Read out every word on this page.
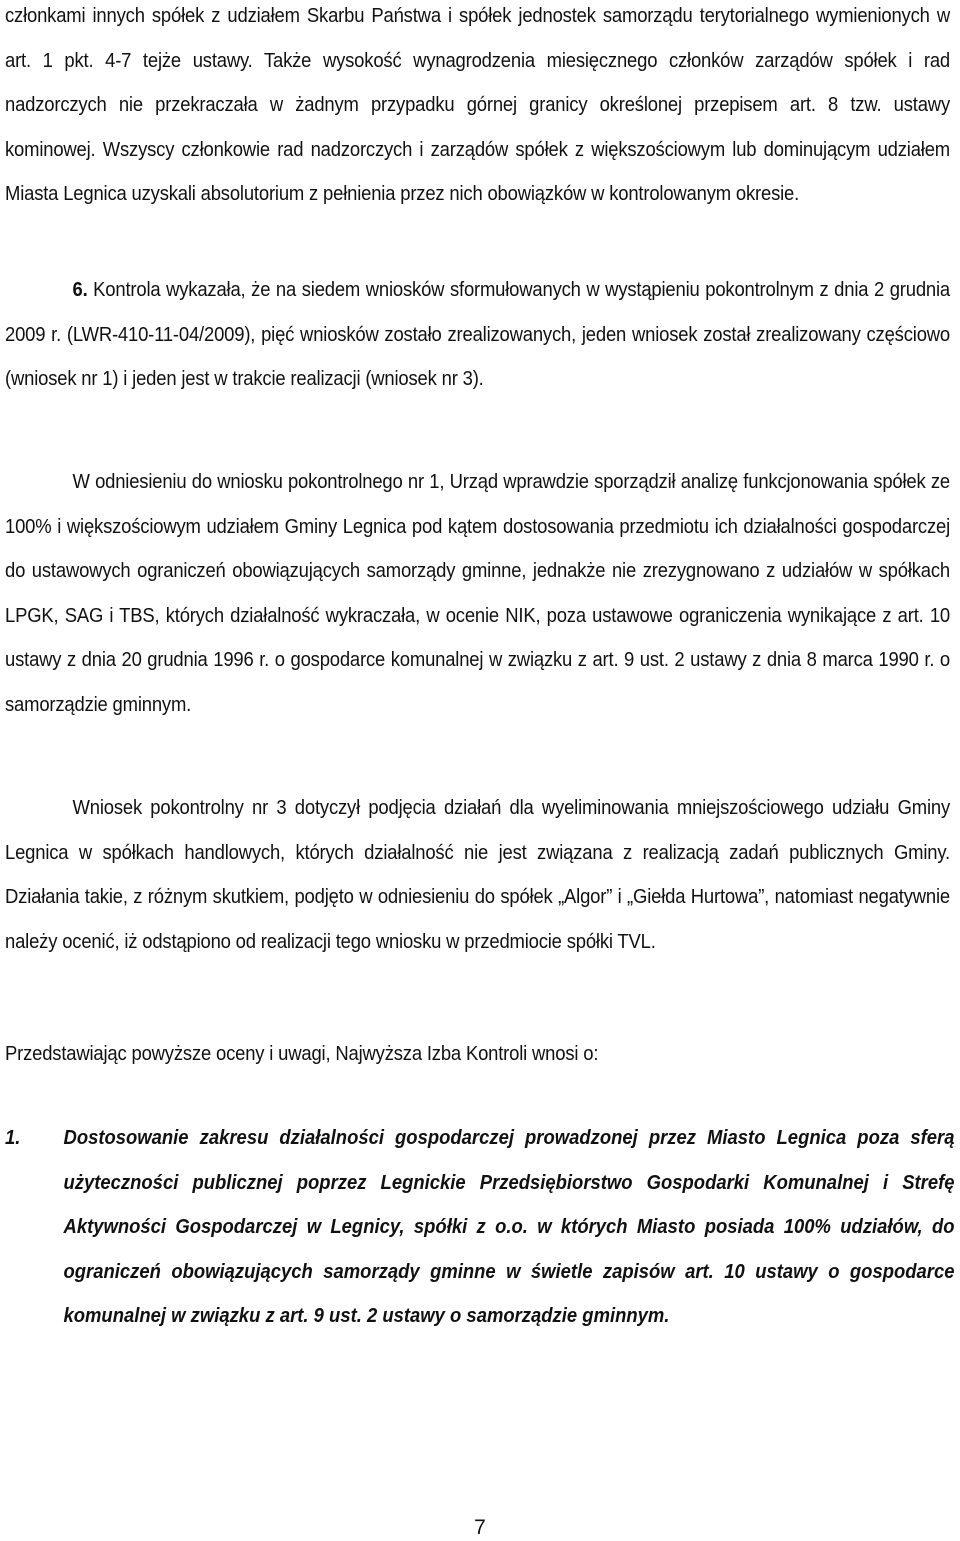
członkami innych spółek z udziałem Skarbu Państwa i spółek jednostek samorządu terytorialnego wymienionych w art. 1 pkt. 4-7 tejże ustawy. Także wysokość wynagrodzenia miesięcznego członków zarządów spółek i rad nadzorczych nie przekraczała w żadnym przypadku górnej granicy określonej przepisem art. 8 tzw. ustawy kominowej. Wszyscy członkowie rad nadzorczych i zarządów spółek z większościowym lub dominującym udziałem Miasta Legnica uzyskali absolutorium z pełnienia przez nich obowiązków w kontrolowanym okresie.
6. Kontrola wykazała, że na siedem wniosków sformułowanych w wystąpieniu pokontrolnym z dnia 2 grudnia 2009 r. (LWR-410-11-04/2009), pięć wniosków zostało zrealizowanych, jeden wniosek został zrealizowany częściowo (wniosek nr 1) i jeden jest w trakcie realizacji (wniosek nr 3).
W odniesieniu do wniosku pokontrolnego nr 1, Urząd wprawdzie sporządził analizę funkcjonowania spółek ze 100% i większościowym udziałem Gminy Legnica pod kątem dostosowania przedmiotu ich działalności gospodarczej do ustawowych ograniczeń obowiązujących samorządy gminne, jednakże nie zrezygnowano z udziałów w spółkach LPGK, SAG i TBS, których działalność wykraczała, w ocenie NIK, poza ustawowe ograniczenia wynikające z art. 10 ustawy z dnia 20 grudnia 1996 r. o gospodarce komunalnej w związku z art. 9 ust. 2 ustawy z dnia 8 marca 1990 r. o samorządzie gminnym.
Wniosek pokontrolny nr 3 dotyczył podjęcia działań dla wyeliminowania mniejszościowego udziału Gminy Legnica w spółkach handlowych, których działalność nie jest związana z realizacją zadań publicznych Gminy. Działania takie, z różnym skutkiem, podjęto w odniesieniu do spółek „Algor” i „Giełda Hurtowa”, natomiast negatywnie należy ocenić, iż odstąpiono od realizacji tego wniosku w przedmiocie spółki TVL.
Przedstawiając powyższe oceny i uwagi, Najwyższa Izba Kontroli wnosi o:
1. Dostosowanie zakresu działalności gospodarczej prowadzonej przez Miasto Legnica poza sferą użyteczności publicznej poprzez Legnickie Przedsiębiorstwo Gospodarki Komunalnej i Strefę Aktywności Gospodarczej w Legnicy, spółki z o.o. w których Miasto posiada 100% udziałów, do ograniczeń obowiązujących samorządy gminne w świetle zapisów art. 10 ustawy o gospodarce komunalnej w związku z art. 9 ust. 2 ustawy o samorządzie gminnym.
7
